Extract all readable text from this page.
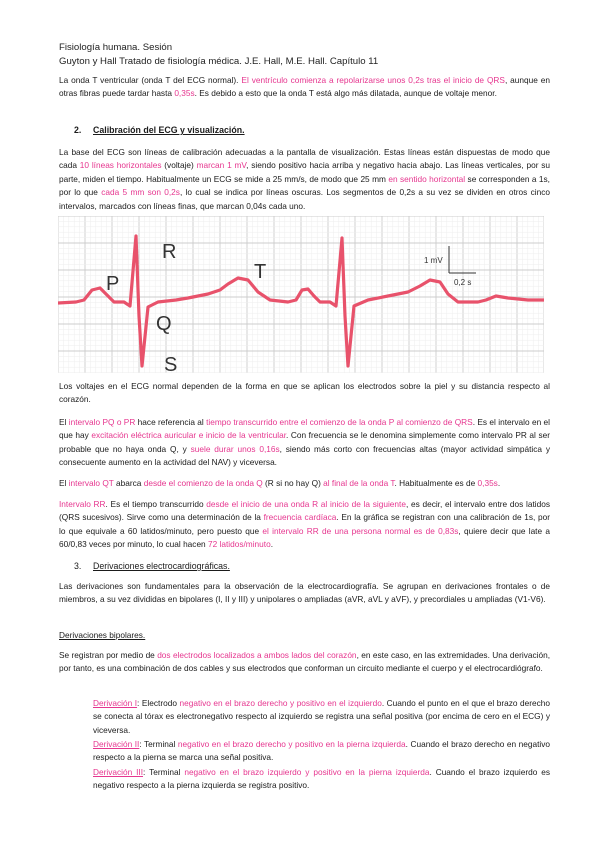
Fisiología humana. Sesión
Guyton y Hall Tratado de fisiología médica. J.E. Hall, M.E. Hall. Capítulo 11

La onda T ventricular (onda T del ECG normal). El ventrículo comienza a repolarizarse unos 0,2s tras el inicio de QRS, aunque en otras fibras puede tardar hasta 0,35s. Es debido a esto que la onda T está algo más dilatada, aunque de voltaje menor.

2. Calibración del ECG y visualización.

La base del ECG son líneas de calibración adecuadas a la pantalla de visualización. Estas líneas están dispuestas de modo que cada 10 líneas horizontales (voltaje) marcan 1 mV, siendo positivo hacia arriba y negativo hacia abajo. Las líneas verticales, por su parte, miden el tiempo. Habitualmente un ECG se mide a 25 mm/s, de modo que 25 mm en sentido horizontal se corresponden a 1s, por lo que cada 5 mm son 0,2s, lo cual se indica por líneas oscuras. Los segmentos de 0,2s a su vez se dividen en otros cinco intervalos, marcados con líneas finas, que marcan 0,04s cada uno.

P
Q
R
S
T
1 mV
0,2 s

Los voltajes en el ECG normal dependen de la forma en que se aplican los electrodos sobre la piel y su distancia respecto al corazón.

El intervalo PQ o PR hace referencia al tiempo transcurrido entre el comienzo de la onda P al comienzo de QRS. Es el intervalo en el que hay excitación eléctrica auricular e inicio de la ventricular. Con frecuencia se le denomina simplemente como intervalo PR al ser probable que no haya onda Q, y suele durar unos 0,16s, siendo más corto con frecuencias altas (mayor actividad simpática y consecuente aumento en la actividad del NAV) y viceversa.

El intervalo QT abarca desde el comienzo de la onda Q (R si no hay Q) al final de la onda T. Habitualmente es de 0,35s.

Intervalo RR. Es el tiempo transcurrido desde el inicio de una onda R al inicio de la siguiente, es decir, el intervalo entre dos latidos (QRS sucesivos). Sirve como una determinación de la frecuencia cardíaca. En la gráfica se registran con una calibración de 1s, por lo que equivale a 60 latidos/minuto, pero puesto que el intervalo RR de una persona normal es de 0,83s, quiere decir que late a 60/0,83 veces por minuto, lo cual hacen 72 latidos/minuto.

3. Derivaciones electrocardiográficas.

Las derivaciones son fundamentales para la observación de la electrocardiografía. Se agrupan en derivaciones frontales o de miembros, a su vez divididas en bipolares (I, II y III) y unipolares o ampliadas (aVR, aVL y aVF), y precordiales u ampliadas (V1-V6).

Derivaciones bipolares.

Se registran por medio de dos electrodos localizados a ambos lados del corazón, en este caso, en las extremidades. Una derivación, por tanto, es una combinación de dos cables y sus electrodos que conforman un circuito mediante el cuerpo y el electrocardiógrafo.

Derivación I: Electrodo negativo en el brazo derecho y positivo en el izquierdo. Cuando el punto en el que el brazo derecho se conecta al tórax es electronegativo respecto al izquierdo se registra una señal positiva (por encima de cero en el ECG) y viceversa.

Derivación II: Terminal negativo en el brazo derecho y positivo en la pierna izquierda. Cuando el brazo derecho en negativo respecto a la pierna se marca una señal positiva.

Derivación III: Terminal negativo en el brazo izquierdo y positivo en la pierna izquierda. Cuando el brazo izquierdo es negativo respecto a la pierna izquierda se registra positivo.
